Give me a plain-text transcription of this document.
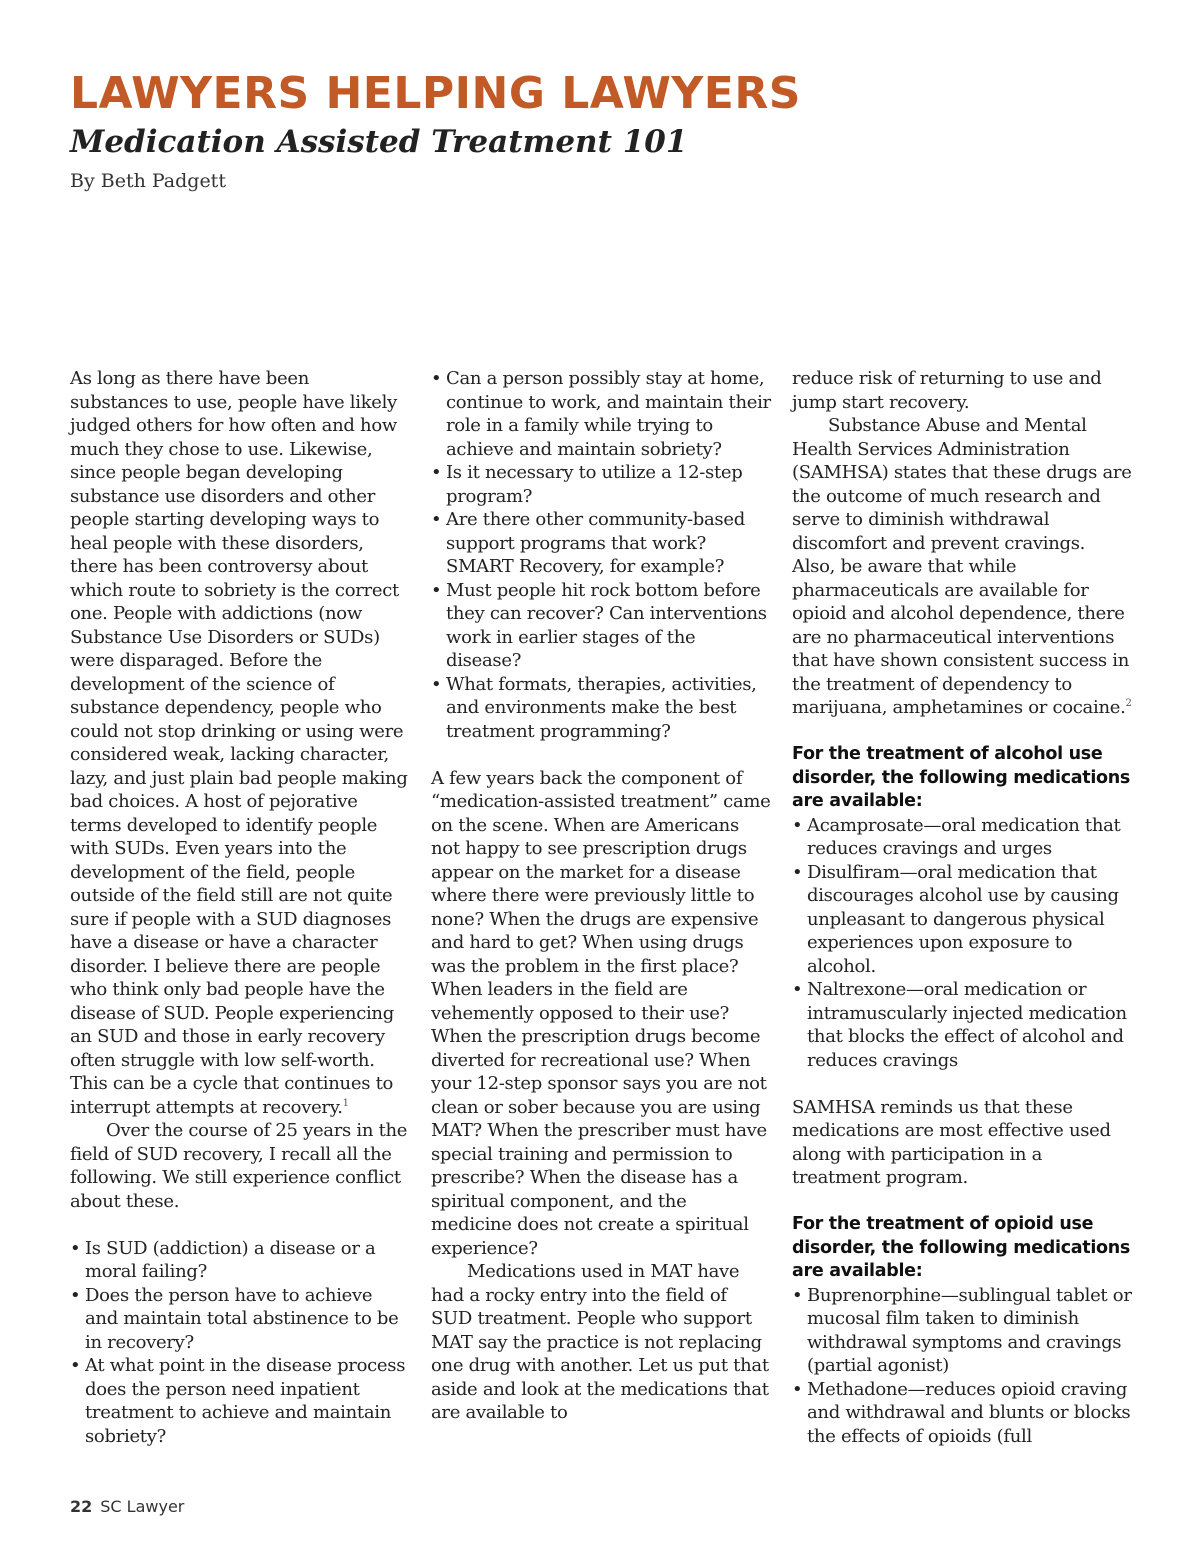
LAWYERS HELPING LAWYERS
Medication Assisted Treatment 101

By Beth Padgett

As long as there have been substances to use, people have likely judged others for how often and how much they chose to use. Likewise, since people began developing substance use disorders and other people starting developing ways to heal people with these disorders, there has been controversy about which route to sobriety is the correct one. People with addictions (now Substance Use Disorders or SUDs) were disparaged. Before the development of the science of substance dependency, people who could not stop drinking or using were considered weak, lacking character, lazy, and just plain bad people making bad choices. A host of pejorative terms developed to identify people with SUDs. Even years into the development of the field, people outside of the field still are not quite sure if people with a SUD diagnoses have a disease or have a character disorder. I believe there are people who think only bad people have the disease of SUD. People experiencing an SUD and those in early recovery often struggle with low self-worth. This can be a cycle that continues to interrupt attempts at recovery.$^1$

Over the course of 25 years in the field of SUD recovery, I recall all the following. We still experience conflict about these.

• Is SUD (addiction) a disease or a moral failing?
• Does the person have to achieve and maintain total abstinence to be in recovery?
• At what point in the disease process does the person need inpatient treatment to achieve and maintain sobriety?
• Can a person possibly stay at home, continue to work, and maintain their role in a family while trying to achieve and maintain sobriety?
• Is it necessary to utilize a 12-step program?
• Are there other community-based support programs that work? SMART Recovery, for example?
• Must people hit rock bottom before they can recover? Can interventions work in earlier stages of the disease?
• What formats, therapies, activities, and environments make the best treatment programming?

A few years back the component of “medication-assisted treatment” came on the scene. When are Americans not happy to see prescription drugs appear on the market for a disease where there were previously little to none? When the drugs are expensive and hard to get? When using drugs was the problem in the first place? When leaders in the field are vehemently opposed to their use? When the prescription drugs become diverted for recreational use? When your 12-step sponsor says you are not clean or sober because you are using MAT? When the prescriber must have special training and permission to prescribe? When the disease has a spiritual component, and the medicine does not create a spiritual experience?

Medications used in MAT have had a rocky entry into the field of SUD treatment. People who support MAT say the practice is not replacing one drug with another. Let us put that aside and look at the medications that are available to

reduce risk of returning to use and jump start recovery.

Substance Abuse and Mental Health Services Administration (SAMHSA) states that these drugs are the outcome of much research and serve to diminish withdrawal discomfort and prevent cravings. Also, be aware that while pharmaceuticals are available for opioid and alcohol dependence, there are no pharmaceutical interventions that have shown consistent success in the treatment of dependency to marijuana, amphetamines or cocaine.$^2$

For the treatment of alcohol use disorder, the following medications are available:
• Acamprosate—oral medication that reduces cravings and urges
• Disulfiram—oral medication that discourages alcohol use by causing unpleasant to dangerous physical experiences upon exposure to alcohol.
• Naltrexone—oral medication or intramuscularly injected medication that blocks the effect of alcohol and reduces cravings

SAMHSA reminds us that these medications are most effective used along with participation in a treatment program.

For the treatment of opioid use disorder, the following medications are available:
• Buprenorphine—sublingual tablet or mucosal film taken to diminish withdrawal symptoms and cravings (partial agonist)
• Methadone—reduces opioid craving and withdrawal and blunts or blocks the effects of opioids (full
22 SC Lawyer
